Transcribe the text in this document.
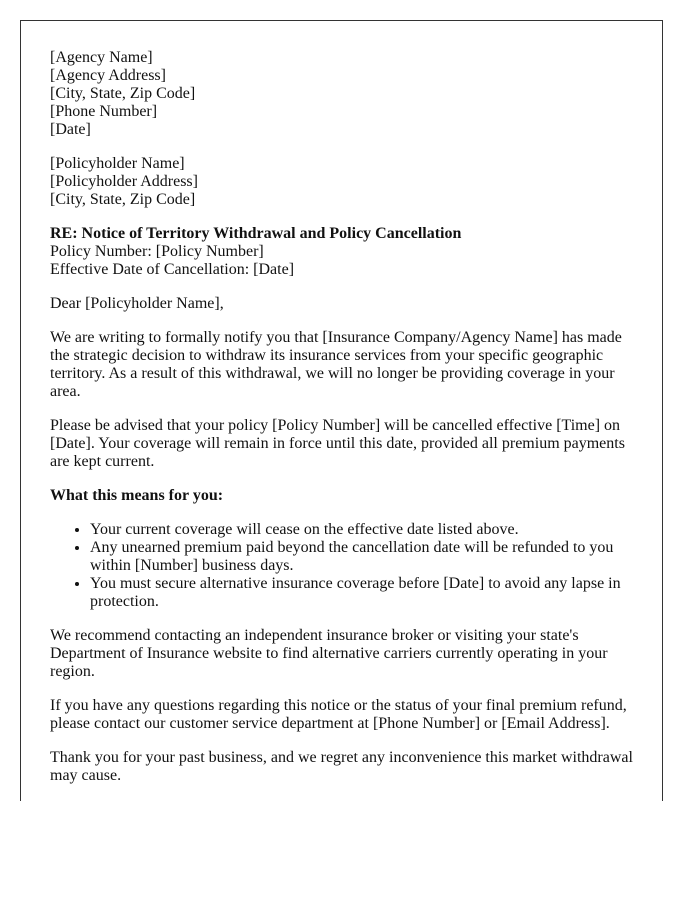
[Agency Name]
[Agency Address]
[City, State, Zip Code]
[Phone Number]
[Date]

[Policyholder Name]
[Policyholder Address]
[City, State, Zip Code]

RE: Notice of Territory Withdrawal and Policy Cancellation
Policy Number: [Policy Number]
Effective Date of Cancellation: [Date]

Dear [Policyholder Name],

We are writing to formally notify you that [Insurance Company/Agency Name] has made the strategic decision to withdraw its insurance services from your specific geographic territory. As a result of this withdrawal, we will no longer be providing coverage in your area.

Please be advised that your policy [Policy Number] will be cancelled effective [Time] on [Date]. Your coverage will remain in force until this date, provided all premium payments are kept current.

What this means for you:

• Your current coverage will cease on the effective date listed above.
• Any unearned premium paid beyond the cancellation date will be refunded to you within [Number] business days.
• You must secure alternative insurance coverage before [Date] to avoid any lapse in protection.

We recommend contacting an independent insurance broker or visiting your state's Department of Insurance website to find alternative carriers currently operating in your region.

If you have any questions regarding this notice or the status of your final premium refund, please contact our customer service department at [Phone Number] or [Email Address].

Thank you for your past business, and we regret any inconvenience this market withdrawal may cause.
